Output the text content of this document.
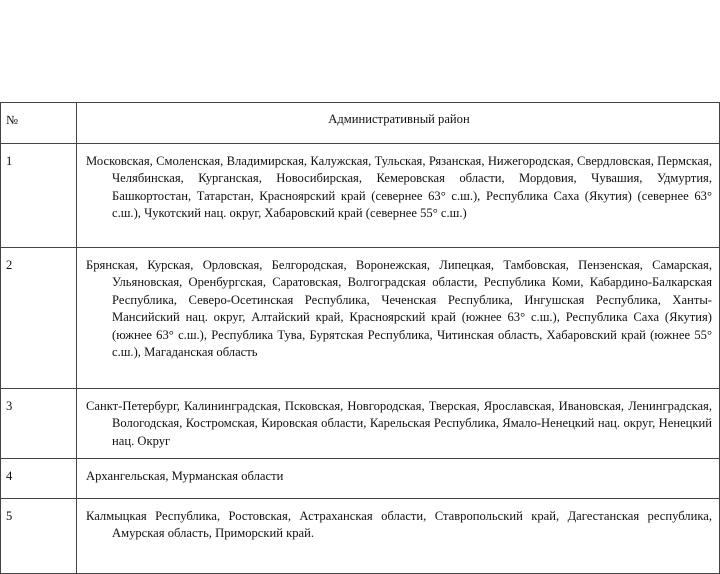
№	Административный район
1	Московская, Смоленская, Владимирская, Калужская, Тульская, Рязанская, Нижегородская, Свердловская, Пермская, Челябинская, Курганская, Новосибирская, Кемеровская области, Мордовия, Чувашия, Удмуртия, Башкортостан, Татарстан, Красноярский край (севернее 63° с.ш.), Республика Саха (Якутия) (севернее 63° с.ш.), Чукотский нац. округ, Хабаровский край (севернее 55° с.ш.)

2	Брянская, Курская, Орловская, Белгородская, Воронежская, Липецкая, Тамбовская, Пензенская, Самарская, Ульяновская, Оренбургская, Саратовская, Волгоградская области, Республика Коми, Кабардино-Балкарская Республика, Северо-Осетинская Республика, Чеченская Республика, Ингушская Республика, Ханты-Мансийский нац. округ, Алтайский край, Красноярский край (южнее 63° с.ш.), Республика Саха (Якутия) (южнее 63° с.ш.), Республика Тува, Бурятская Республика, Читинская область, Хабаровский край (южнее 55° с.ш.), Магаданская область

3	Санкт-Петербург, Калининградская, Псковская, Новгородская, Тверская, Ярославская, Ивановская, Ленинградская, Вологодская, Костромская, Кировская области, Карельская Республика, Ямало-Ненецкий нац. округ, Ненецкий нац. Округ

4	Архангельская, Мурманская области

5	Калмыцкая Республика, Ростовская, Астраханская области, Ставропольский край, Дагестанская республика, Амурская область, Приморский край.
